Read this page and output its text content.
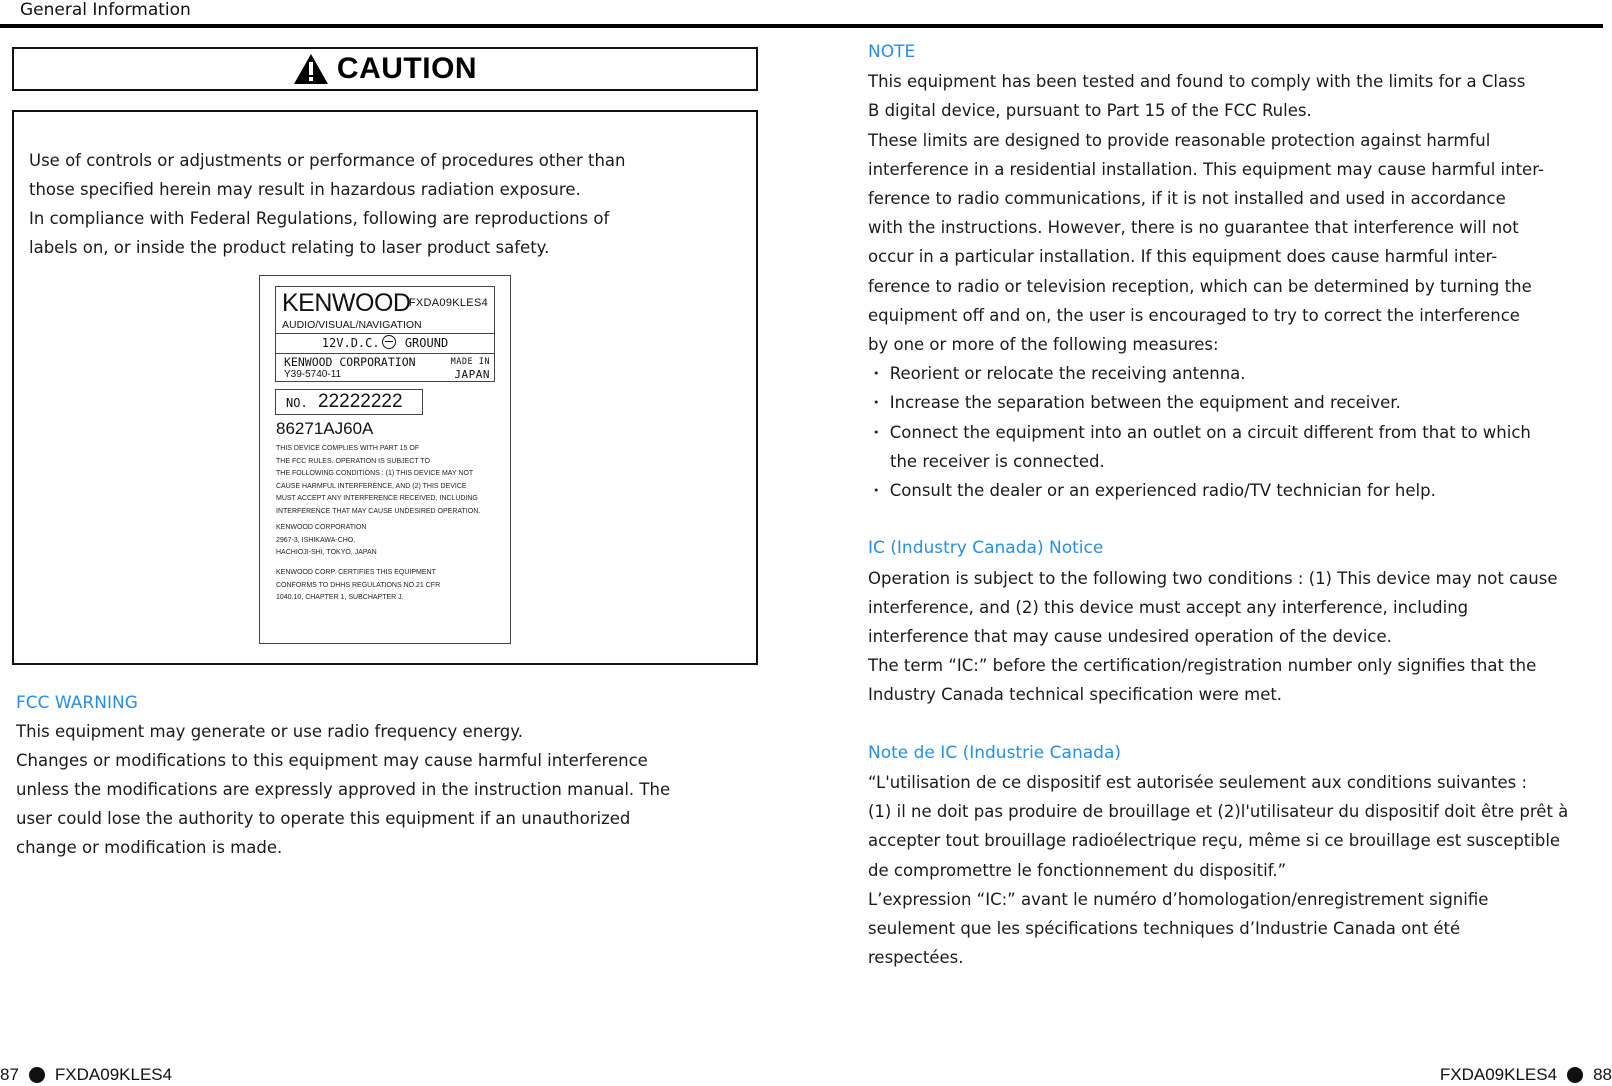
General Information
CAUTION

Use of controls or adjustments or performance of procedures other than

those specified herein may result in hazardous radiation exposure.

In compliance with Federal Regulations, following are reproductions of

labels on, or inside the product relating to laser product safety.

KENWOOD
FXDA09KLES4
AUDIO/VISUAL/NAVIGATION
12V.D.C. GROUND
KENWOOD CORPORATION
Y39-5740-11
MADE IN
JAPAN
NO. 22222222
86271AJ60A

THIS DEVICE COMPLIES WITH PART 15 OF

THE FCC RULES. OPERATION IS SUBJECT TO

THE FOLLOWING CONDITIONS : (1) THIS DEVICE MAY NOT

CAUSE HARMFUL INTERFERENCE, AND (2) THIS DEVICE

MUST ACCEPT ANY INTERFERENCE RECEIVED, INCLUDING

INTERFERENCE THAT MAY CAUSE UNDESIRED OPERATION.

KENWOOD CORPORATION

2967-3, ISHIKAWA-CHO,

HACHIOJI-SHI, TOKYO, JAPAN

KENWOOD CORP. CERTIFIES THIS EQUIPMENT

CONFORMS TO DHHS REGULATIONS NO.21 CFR

1040.10, CHAPTER 1, SUBCHAPTER J.

FCC WARNING

This equipment may generate or use radio frequency energy.

Changes or modifications to this equipment may cause harmful interference

unless the modifications are expressly approved in the instruction manual. The

user could lose the authority to operate this equipment if an unauthorized

change or modification is made.

NOTE

This equipment has been tested and found to comply with the limits for a Class

B digital device, pursuant to Part 15 of the FCC Rules.

These limits are designed to provide reasonable protection against harmful

interference in a residential installation. This equipment may cause harmful inter-

ference to radio communications, if it is not installed and used in accordance

with the instructions. However, there is no guarantee that interference will not

occur in a particular installation. If this equipment does cause harmful inter-

ference to radio or television reception, which can be determined by turning the

equipment off and on, the user is encouraged to try to correct the interference

by one or more of the following measures:

・ Reorient or relocate the receiving antenna.

・ Increase the separation between the equipment and receiver.

・ Connect the equipment into an outlet on a circuit different from that to which

the receiver is connected.

・ Consult the dealer or an experienced radio/TV technician for help.

IC (Industry Canada) Notice

Operation is subject to the following two conditions : (1) This device may not cause

interference, and (2) this device must accept any interference, including

interference that may cause undesired operation of the device.

The term “IC:” before the certification/registration number only signifies that the

Industry Canada technical specification were met.

Note de IC (Industrie Canada)

“L'utilisation de ce dispositif est autorisée seulement aux conditions suivantes :

(1) il ne doit pas produire de brouillage et (2)l'utilisateur du dispositif doit être prêt à

accepter tout brouillage radioélectrique reçu, même si ce brouillage est susceptible

de compromettre le fonctionnement du dispositif.”

L’expression “IC:” avant le numéro d’homologation/enregistrement signifie

seulement que les spécifications techniques d’Industrie Canada ont été

respectées.

87 FXDA09KLES4	FXDA09KLES4 88
